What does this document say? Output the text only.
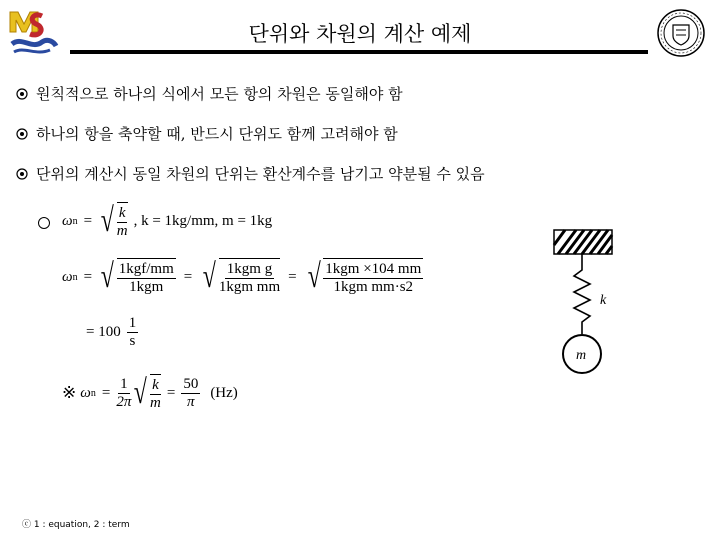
단위와 차원의 계산 예제
원칙적으로 하나의 식에서 모든 항의 차원은 동일해야 함
하나의 항을 축약할 때, 반드시 단위도 함께 고려해야 함
단위의 계산시 동일 차원의 단위는 환산계수를 남기고 약분될 수 있음
ω n = √ $\frac{k}{m}$ , k = 1kg/mm, m = 1kg
ω n = √ $\frac{\text{1kgf/mm}}{\text{1kgm}}$ = √ $\frac{\text{1kgm g}}{\text{1kgm mm}}$ = √ $\frac{\text{1kgm ×104 mm}}{\text{1kgm mm·s2}}$
= $100 \frac{1}{s}$
※ ω $n = \frac{1}{2\pi}$ √ $\frac{k}{m} = \frac{50}{\pi} (Hz)$
k
m
ⓒ 1 : equation, 2 : term
